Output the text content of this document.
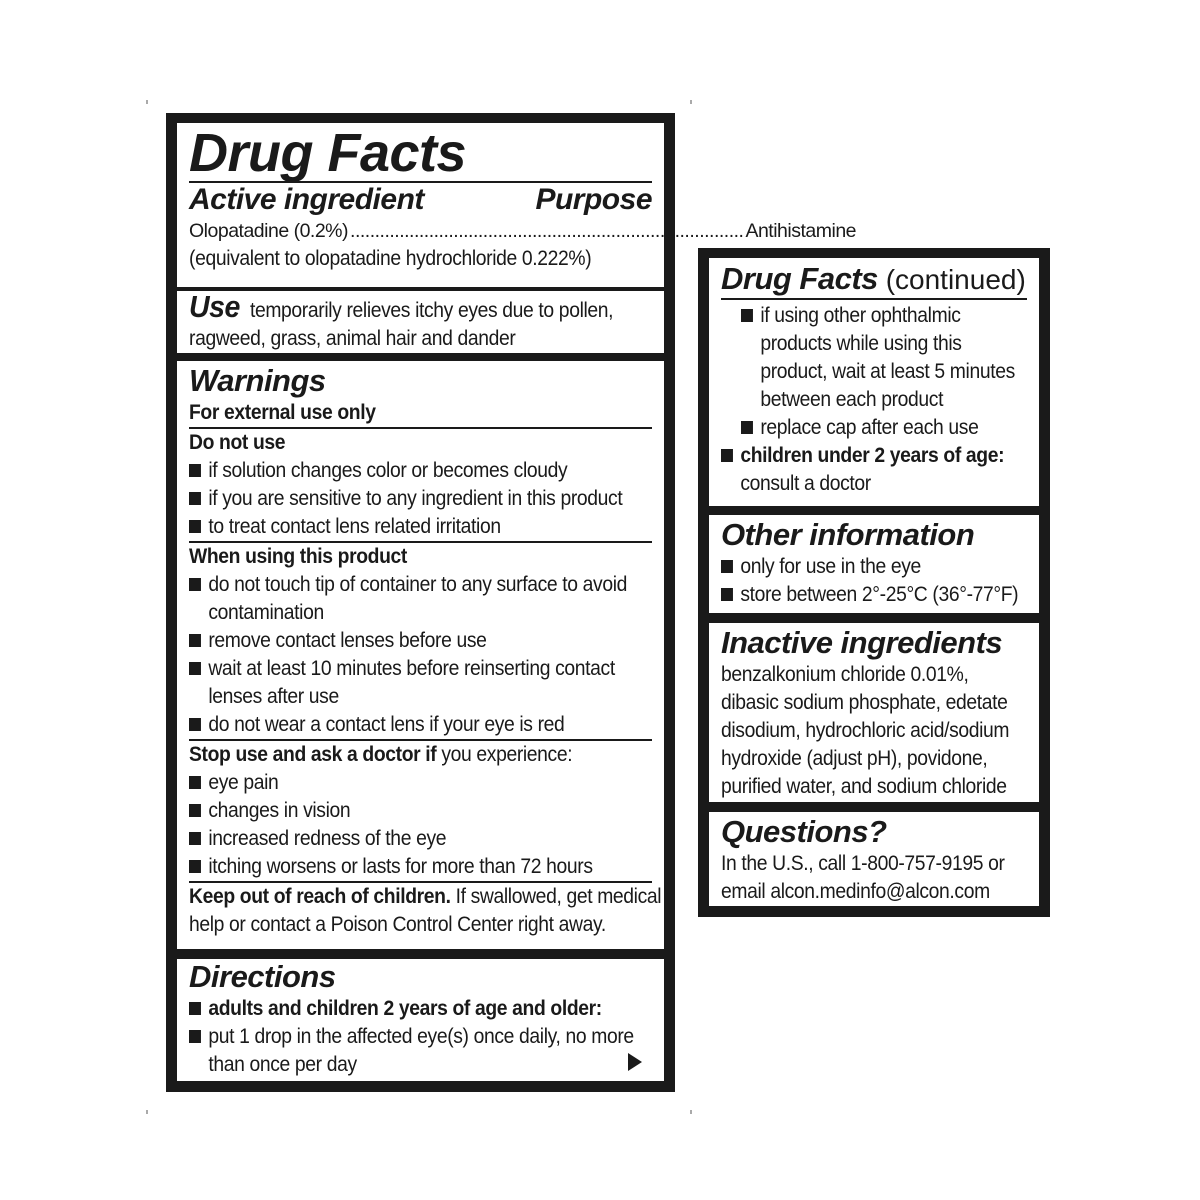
Drug Facts
Active ingredient	Purpose
Olopatadine (0.2%) ................................................................................ Antihistamine
(equivalent to olopatadine hydrochloride 0.222%)
Use temporarily relieves itchy eyes due to pollen,
ragweed, grass, animal hair and dander
Warnings
For external use only
Do not use
if solution changes color or becomes cloudy
if you are sensitive to any ingredient in this product
to treat contact lens related irritation
When using this product
do not touch tip of container to any surface to avoid
contamination
remove contact lenses before use
wait at least 10 minutes before reinserting contact
lenses after use
do not wear a contact lens if your eye is red
Stop use and ask a doctor if you experience:
eye pain
changes in vision
increased redness of the eye
itching worsens or lasts for more than 72 hours
Keep out of reach of children. If swallowed, get medical
help or contact a Poison Control Center right away.
Directions
adults and children 2 years of age and older:
put 1 drop in the affected eye(s) once daily, no more
than once per day
Drug Facts (continued)
if using other ophthalmic
products while using this
product, wait at least 5 minutes
between each product
replace cap after each use
children under 2 years of age:
consult a doctor
Other information
only for use in the eye
store between 2°-25°C (36°-77°F)
Inactive ingredients
benzalkonium chloride 0.01%,
dibasic sodium phosphate, edetate
disodium, hydrochloric acid/sodium
hydroxide (adjust pH), povidone,
purified water, and sodium chloride
Questions?
In the U.S., call 1-800-757-9195 or
email alcon.medinfo@alcon.com
